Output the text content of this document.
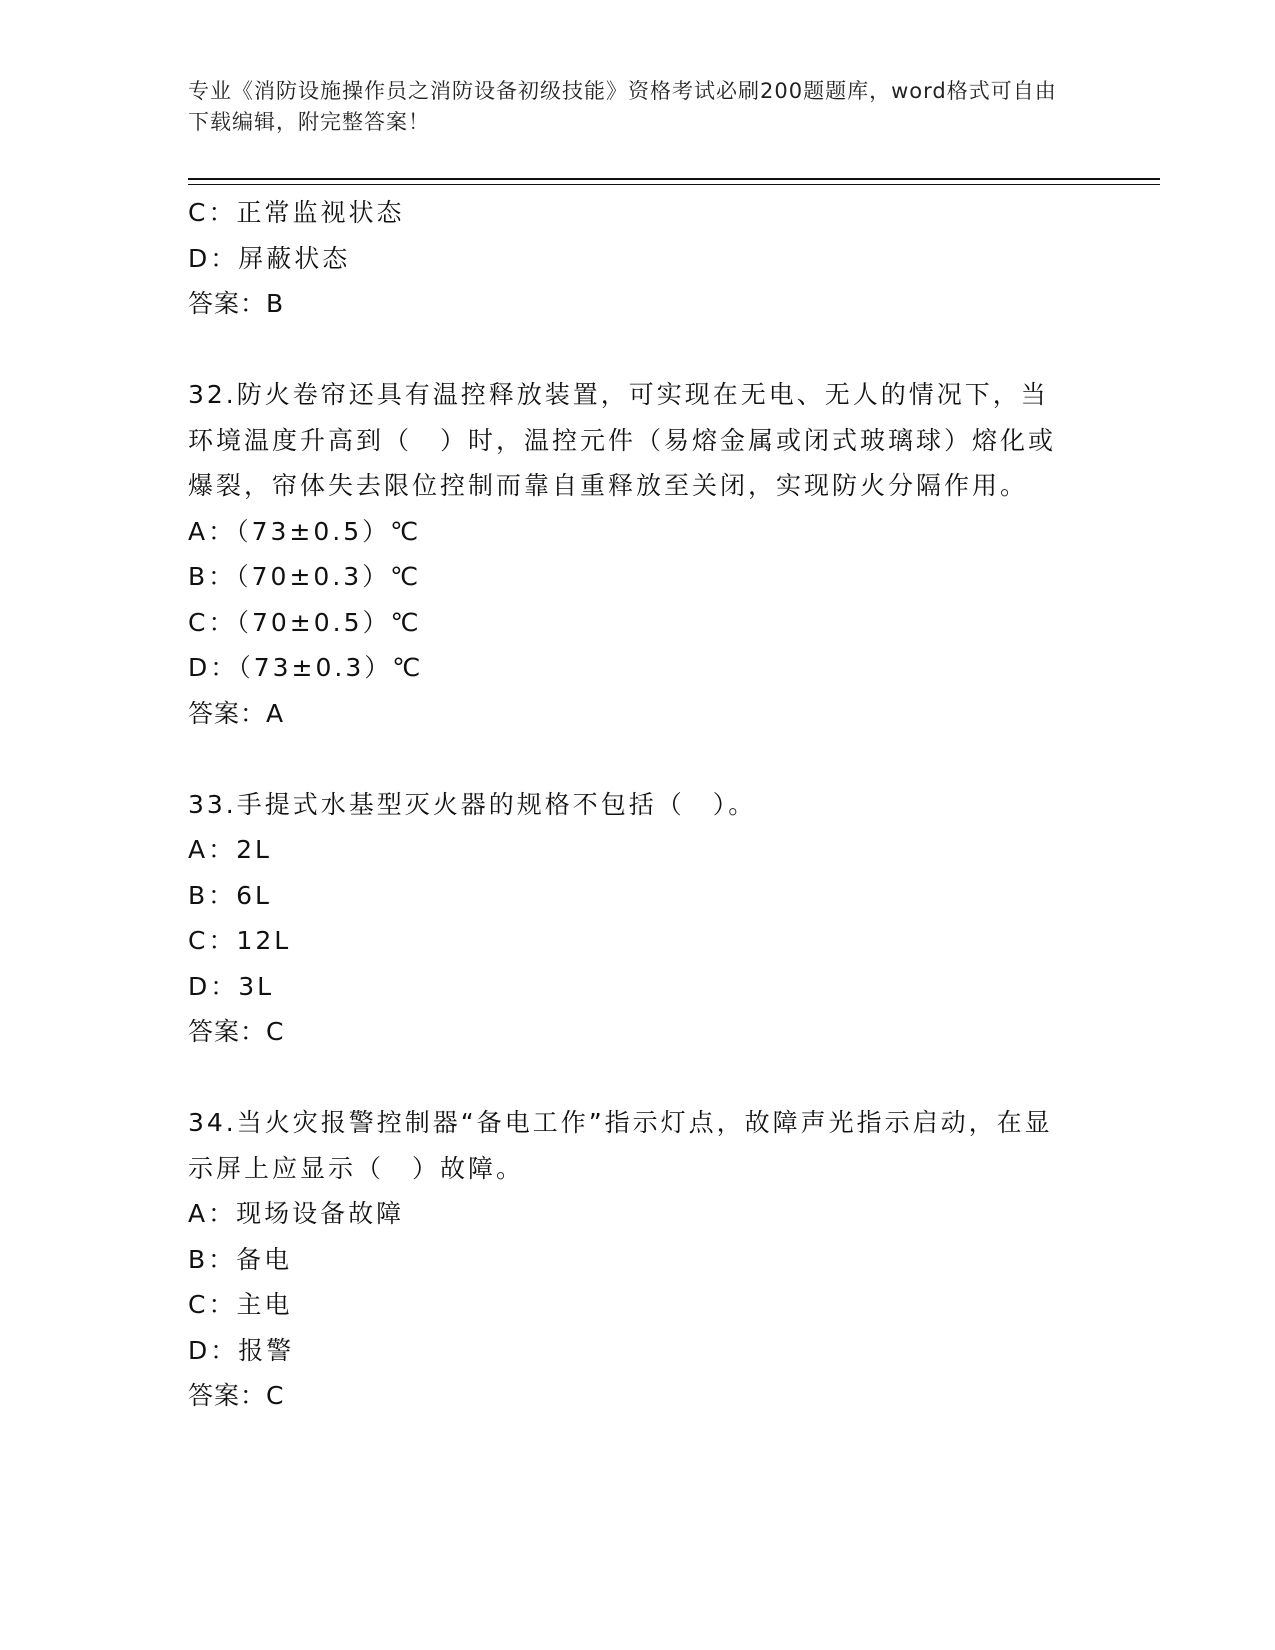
专业《消防设施操作员之消防设备初级技能》资格考试必刷200题题库，word格式可自由下载编辑，附完整答案！

C：正常监视状态

D：屏蔽状态

答案：B

32.防火卷帘还具有温控释放装置，可实现在无电、无人的情况下，当环境温度升高到（　）时，温控元件（易熔金属或闭式玻璃球）熔化或爆裂，帘体失去限位控制而靠自重释放至关闭，实现防火分隔作用。

A：（73±0.5）℃

B：（70±0.3）℃

C：（70±0.5）℃

D：（73±0.3）℃

答案：A

33.手提式水基型灭火器的规格不包括（　）。

A：2L

B：6L

C：12L

D：3L

答案：C

34.当火灾报警控制器“备电工作”指示灯点，故障声光指示启动，在显示屏上应显示（　）故障。

A：现场设备故障

B：备电

C：主电

D：报警

答案：C
